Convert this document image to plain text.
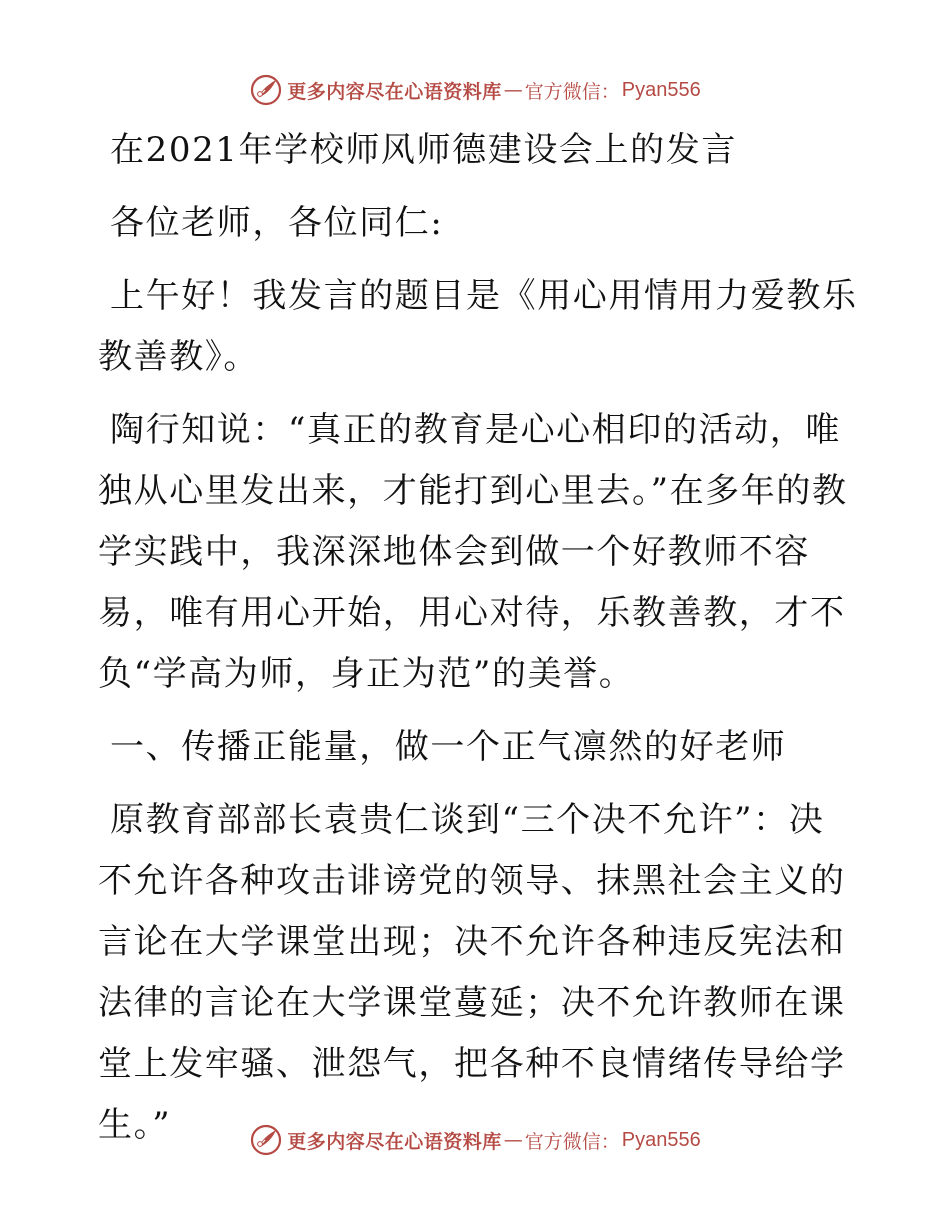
更多内容尽在心语资料库 — 官方微信： Pyan556

在2021年学校师风师德建设会上的发言

各位老师，各位同仁:

上午好！我发言的题目是《用心用情用力爱教乐教善教》。

陶行知说：“真正的教育是心心相印的活动，唯独从心里发出来，才能打到心里去。”在多年的教学实践中，我深深地体会到做一个好教师不容易，唯有用心开始，用心对待，乐教善教，才不负“学高为师，身正为范”的美誉。

一、传播正能量，做一个正气凛然的好老师

原教育部部长袁贵仁谈到“三个决不允许”：决不允许各种攻击诽谤党的领导、抹黑社会主义的言论在大学课堂出现；决不允许各种违反宪法和法律的言论在大学课堂蔓延；决不允许教师在课堂上发牢骚、泄怨气，把各种不良情绪传导给学生。”	更多内容尽在心语资料库 — 官方微信： Pyan556
